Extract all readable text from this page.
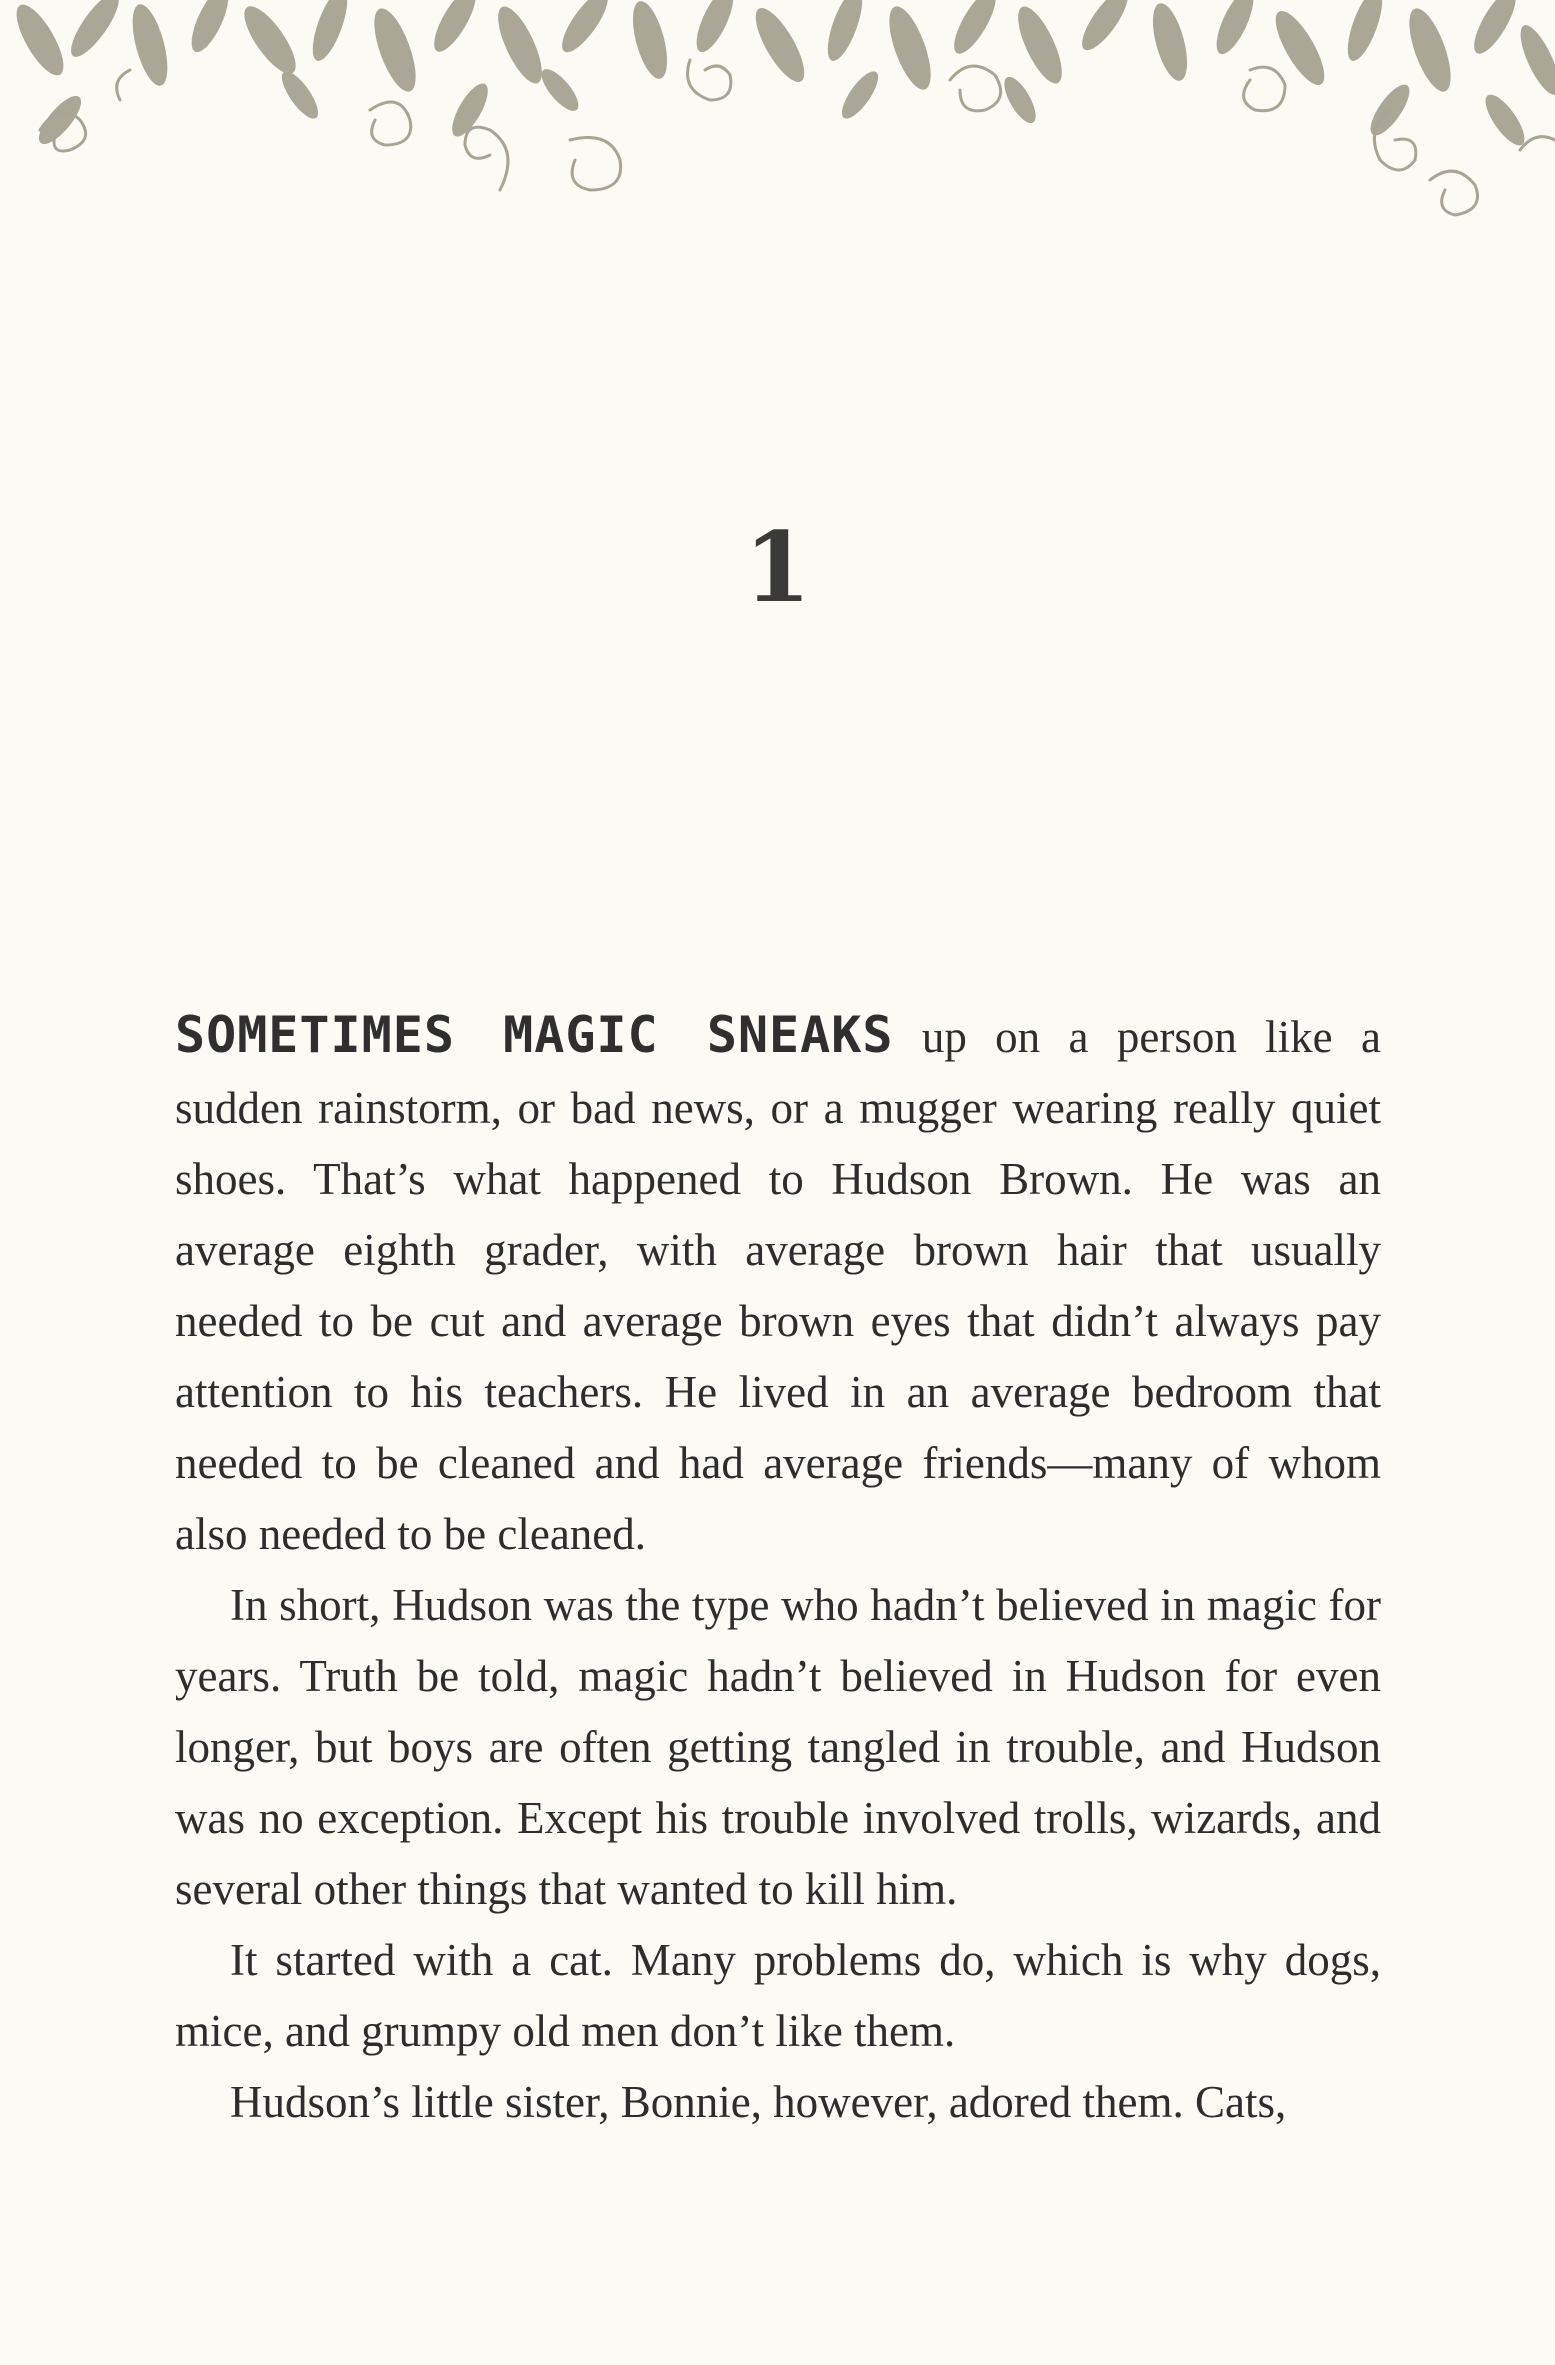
1

SOMETIMES MAGIC SNEAKS up on a person like a sudden rainstorm, or bad news, or a mugger wearing really quiet shoes. That’s what happened to Hudson Brown. He was an average eighth grader, with average brown hair that usually needed to be cut and average brown eyes that didn’t always pay attention to his teachers. He lived in an average bedroom that needed to be cleaned and had average friends—many of whom also needed to be cleaned.

In short, Hudson was the type who hadn’t believed in magic for years. Truth be told, magic hadn’t believed in Hudson for even longer, but boys are often getting tangled in trouble, and Hudson was no exception. Except his trouble involved trolls, wizards, and several other things that wanted to kill him.

It started with a cat. Many problems do, which is why dogs, mice, and grumpy old men don’t like them.

Hudson’s little sister, Bonnie, however, adored them. Cats,
